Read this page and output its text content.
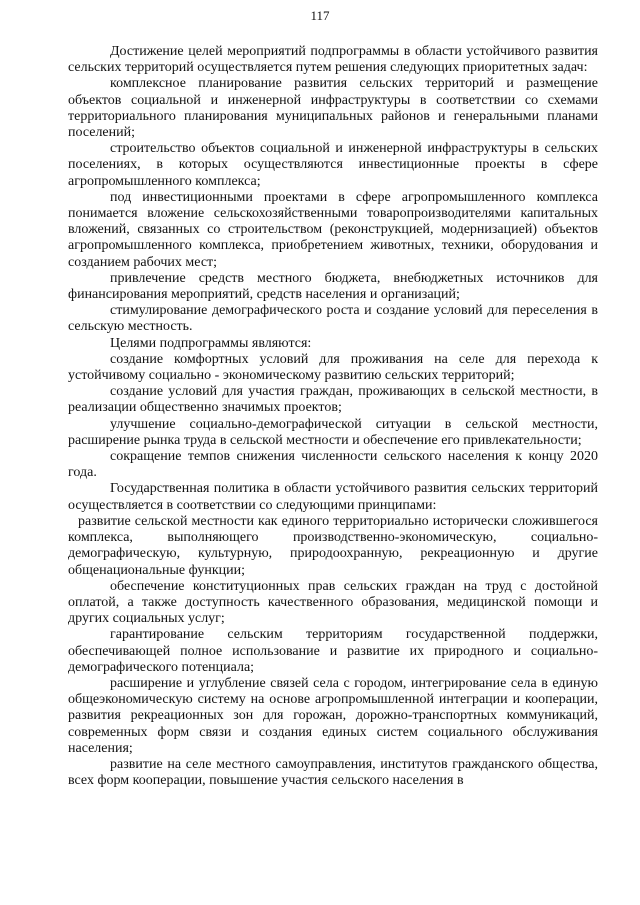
117

Достижение целей мероприятий подпрограммы в области устойчивого развития сельских территорий осуществляется путем решения следующих приоритетных задач:

комплексное планирование развития сельских территорий и размещение объектов социальной и инженерной инфраструктуры в соответствии со схемами территориального планирования муниципальных районов и генеральными планами поселений;

строительство объектов социальной и инженерной инфраструктуры в сельских поселениях, в которых осуществляются инвестиционные проекты в сфере агропромышленного комплекса;

под инвестиционными проектами в сфере агропромышленного комплекса понимается вложение сельскохозяйственными товаропроизводителями капитальных вложений, связанных со строительством (реконструкцией, модернизацией) объектов агропромышленного комплекса, приобретением животных, техники, оборудования и созданием рабочих мест;

привлечение средств местного бюджета, внебюджетных источников для финансирования мероприятий, средств населения и организаций;

стимулирование демографического роста и создание условий для переселения в сельскую местность.

Целями подпрограммы являются:

создание комфортных условий для проживания на селе для перехода к устойчивому социально - экономическому развитию сельских территорий;

создание условий для участия граждан, проживающих в сельской местности, в реализации общественно значимых проектов;

улучшение социально-демографической ситуации в сельской местности, расширение рынка труда в сельской местности и обеспечение его привлекательности;

сокращение темпов снижения численности сельского населения к концу 2020 года.

Государственная политика в области устойчивого развития сельских территорий осуществляется в соответствии со следующими принципами:

развитие сельской местности как единого территориально исторически сложившегося комплекса, выполняющего производственно-экономическую, социально-демографическую, культурную, природоохранную, рекреационную и другие общенациональные функции;

обеспечение конституционных прав сельских граждан на труд с достойной оплатой, а также доступность качественного образования, медицинской помощи и других социальных услуг;

гарантирование сельским территориям государственной поддержки, обеспечивающей полное использование и развитие их природного и социально-демографического потенциала;

расширение и углубление связей села с городом, интегрирование села в единую общеэкономическую систему на основе агропромышленной интеграции и кооперации, развития рекреационных зон для горожан, дорожно-транспортных коммуникаций, современных форм связи и создания единых систем социального обслуживания населения;

развитие на селе местного самоуправления, институтов гражданского общества, всех форм кооперации, повышение участия сельского населения в
